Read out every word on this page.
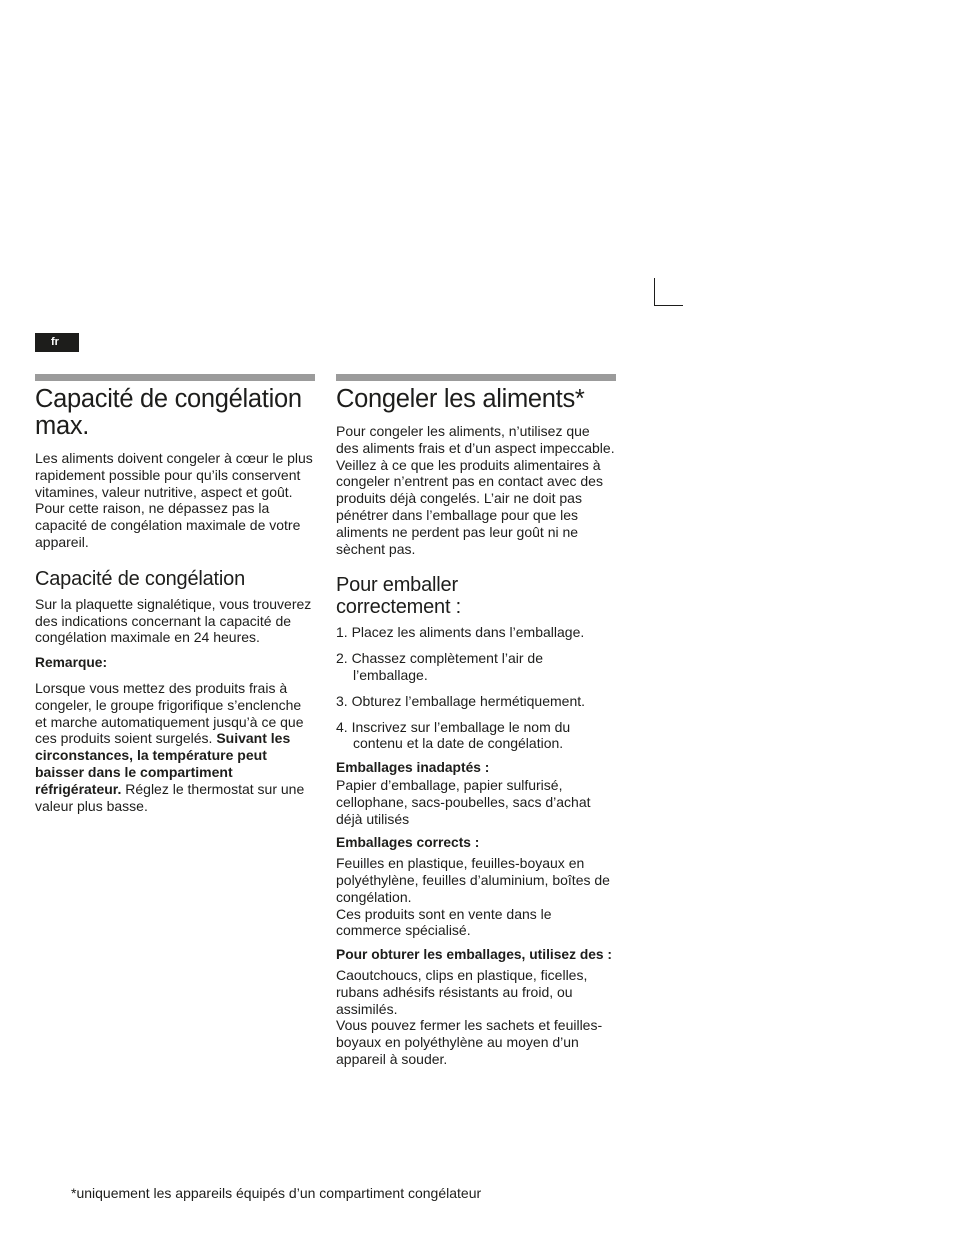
fr
Capacité de congélation max.

Les aliments doivent congeler à cœur le plus rapidement possible pour qu’ils conservent vitamines, valeur nutritive, aspect et goût. Pour cette raison, ne dépassez pas la capacité de congélation maximale de votre appareil.

Capacité de congélation

Sur la plaquette signalétique, vous trouverez des indications concernant la capacité de congélation maximale en 24 heures.

Remarque:

Lorsque vous mettez des produits frais à congeler, le groupe frigorifique s’enclenche et marche automatiquement jusqu’à ce que ces produits soient surgelés. Suivant les circonstances, la température peut baisser dans le compartiment réfrigérateur. Réglez le thermostat sur une valeur plus basse.

Congeler les aliments*

Pour congeler les aliments, n’utilisez que des aliments frais et d’un aspect impeccable. Veillez à ce que les produits alimentaires à congeler n’entrent pas en contact avec des produits déjà congelés. L’air ne doit pas pénétrer dans l’emballage pour que les aliments ne perdent pas leur goût ni ne sèchent pas.

Pour emballer correctement :
1. Placez les aliments dans l’emballage.
2. Chassez complètement l’air de l’emballage.
3. Obturez l’emballage hermétiquement.
4. Inscrivez sur l’emballage le nom du contenu et la date de congélation.

Emballages inadaptés :

Papier d’emballage, papier sulfurisé, cellophane, sacs-poubelles, sacs d’achat déjà utilisés

Emballages corrects :

Feuilles en plastique, feuilles-boyaux en polyéthylène, feuilles d’aluminium, boîtes de congélation.

Ces produits sont en vente dans le commerce spécialisé.

Pour obturer les emballages, utilisez des :

Caoutchoucs, clips en plastique, ficelles, rubans adhésifs résistants au froid, ou assimilés.

Vous pouvez fermer les sachets et feuilles-boyaux en polyéthylène au moyen d’un appareil à souder.

*uniquement les appareils équipés d’un compartiment congélateur
